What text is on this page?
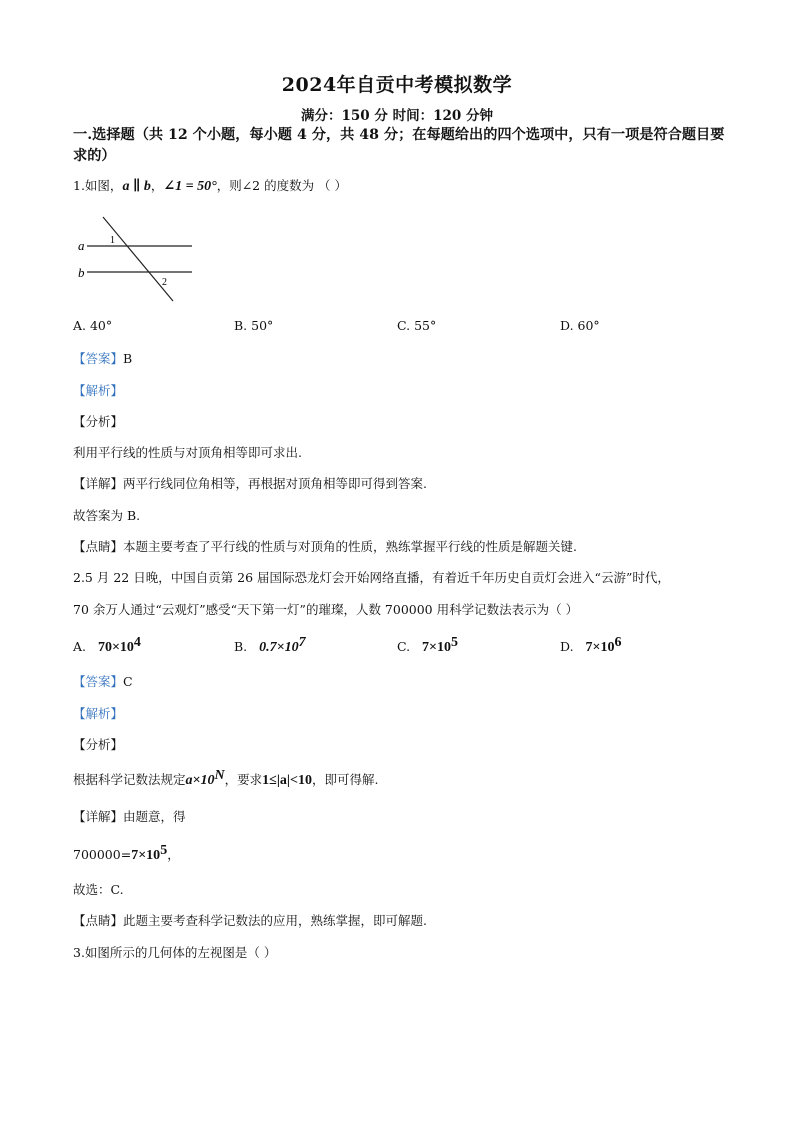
2024年自贡中考模拟数学
满分：150 分 时间：120 分钟
一.选择题（共 12 个小题，每小题 4 分，共 48 分；在每题给出的四个选项中，只有一项是符合题目要求的）
1.如图，a ∥ b，∠1 = 50°，则∠2 的度数为 （ ）
a
b
1
2
A. 40°	B. 50°	C. 55°	D. 60°
【答案】B
【解析】
【分析】
利用平行线的性质与对顶角相等即可求出.
【详解】两平行线同位角相等，再根据对顶角相等即可得到答案.
故答案为 B.
【点睛】本题主要考查了平行线的性质与对顶角的性质，熟练掌握平行线的性质是解题关键.
2.5 月 22 日晚，中国自贡第 26 届国际恐龙灯会开始网络直播，有着近千年历史自贡灯会进入“云游”时代，
70 余万人通过“云观灯”感受“天下第一灯”的璀璨，人数 700000 用科学记数法表示为（ ）
A. $70\times 10^4$	B. $0.7\times 10^7$	C. $7\times 10^5$	D. $7\times 10^6$
【答案】C
【解析】
【分析】
根据科学记数法规定$a\times 10^N$，要求1≤|a|<10，即可得解.
【详解】由题意，得
$700000=7\times 10^5$，
故选：C.
【点睛】此题主要考查科学记数法的应用，熟练掌握，即可解题.
3.如图所示的几何体的左视图是（ ）
